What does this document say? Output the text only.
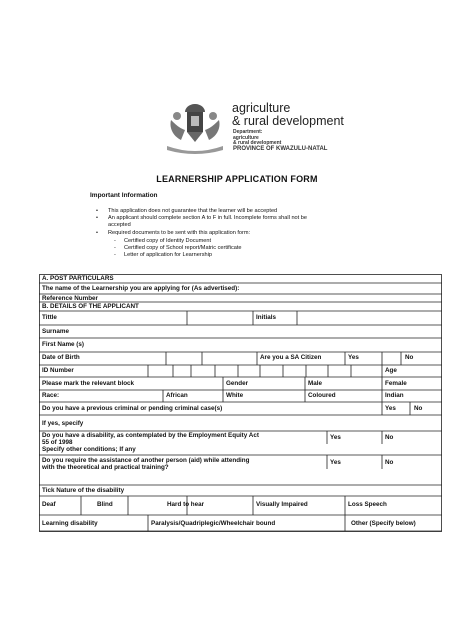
agriculture
& rural development
Department:
agriculture
& rural development
PROVINCE OF KWAZULU-NATAL
LEARNERSHIP APPLICATION FORM
Important Information
• This application does not guarantee that the learner will be accepted
• An applicant should complete section A to F in full. Incomplete forms shall not be
accepted
• Required documents to be sent with this application form:
- Certified copy of Identity Document
- Certified copy of School report/Matric certificate
- Letter of application for Learnership
A. POST PARTICULARS
The name of the Learnership you are applying for (As advertised):
Reference Number
B. DETAILS OF THE APPLICANT
Tittle	Initials
Surname
First Name (s)
Date of Birth	Are you a SA Citizen	Yes	No
ID Number	Age
Please mark the relevant block	Gender	Male	Female
Race:	African	White	Coloured	Indian
Do you have a previous criminal or pending criminal case(s)	Yes	No
If yes, specify
Do you have a disability, as contemplated by the Employment Equity Act
55 of 1998
Yes	No
Specify other conditions; If any
Do you require the assistance of another person (aid) while attending
with the theoretical and practical training?
Yes	No
Tick Nature of the disability
Deaf	Blind	Hard to hear	Visually Impaired	Loss Speech
Learning disability	Paralysis/Quadriplegic/Wheelchair bound	Other (Specify below)
